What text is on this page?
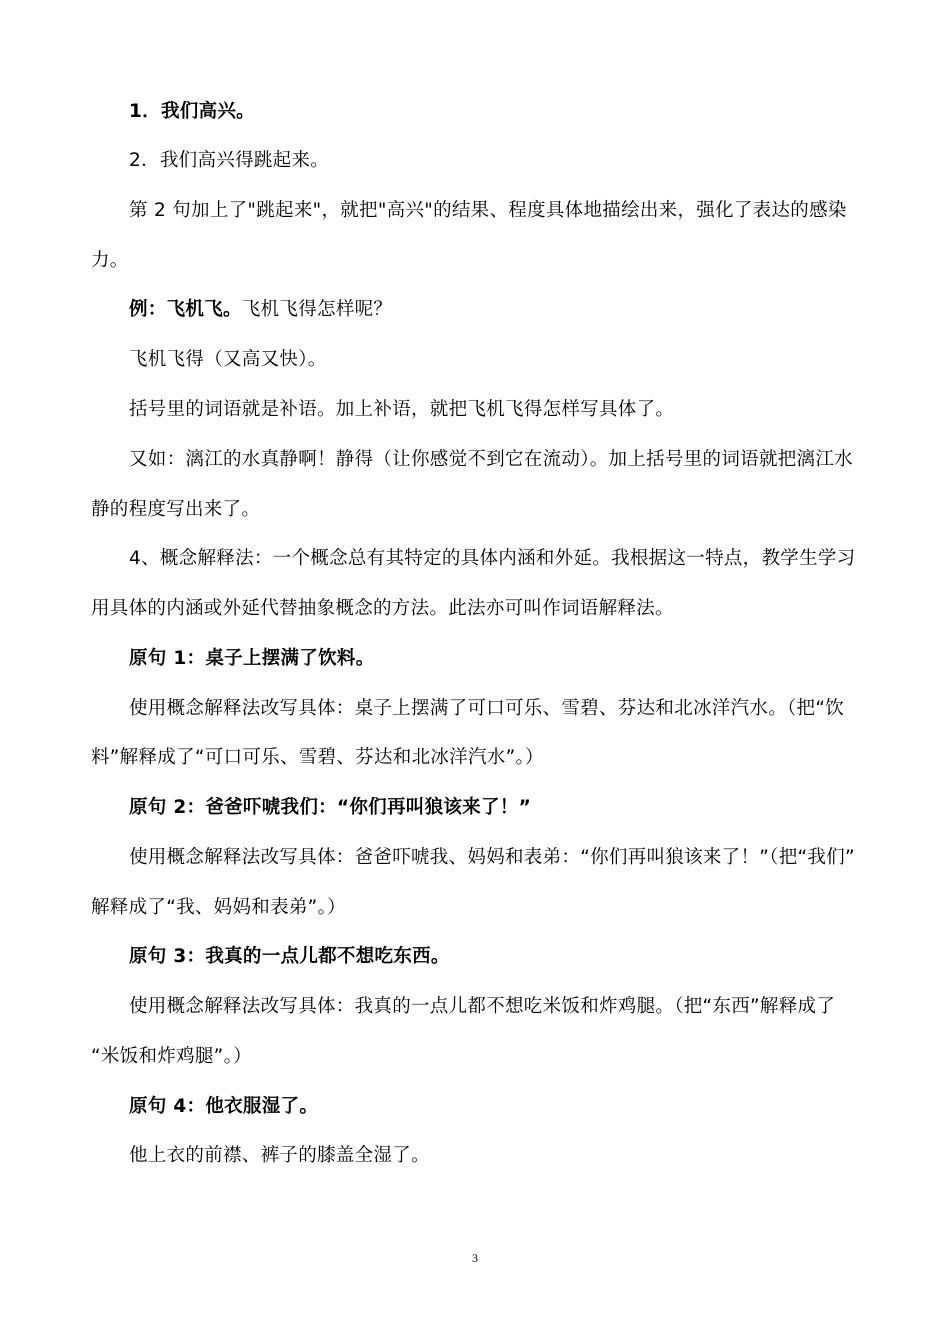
1．我们高兴。
2．我们高兴得跳起来。
第 2 句加上了"跳起来"，就把"高兴"的结果、程度具体地描绘出来，强化了表达的感染
力。
例：飞机飞。飞机飞得怎样呢？
飞机飞得（又高又快）。
括号里的词语就是补语。加上补语，就把飞机飞得怎样写具体了。
又如：漓江的水真静啊！静得（让你感觉不到它在流动）。加上括号里的词语就把漓江水
静的程度写出来了。
4、概念解释法：一个概念总有其特定的具体内涵和外延。我根据这一特点，教学生学习
用具体的内涵或外延代替抽象概念的方法。此法亦可叫作词语解释法。
原句 1：桌子上摆满了饮料。
使用概念解释法改写具体：桌子上摆满了可口可乐、雪碧、芬达和北冰洋汽水。（把“饮
料”解释成了“可口可乐、雪碧、芬达和北冰洋汽水”。）
原句 2：爸爸吓唬我们：“你们再叫狼该来了！”
使用概念解释法改写具体：爸爸吓唬我、妈妈和表弟：“你们再叫狼该来了！”（把“我们”
解释成了“我、妈妈和表弟”。）
原句 3：我真的一点儿都不想吃东西。
使用概念解释法改写具体：我真的一点儿都不想吃米饭和炸鸡腿。（把“东西”解释成了
“米饭和炸鸡腿”。）
原句 4：他衣服湿了。
他上衣的前襟、裤子的膝盖全湿了。
3
